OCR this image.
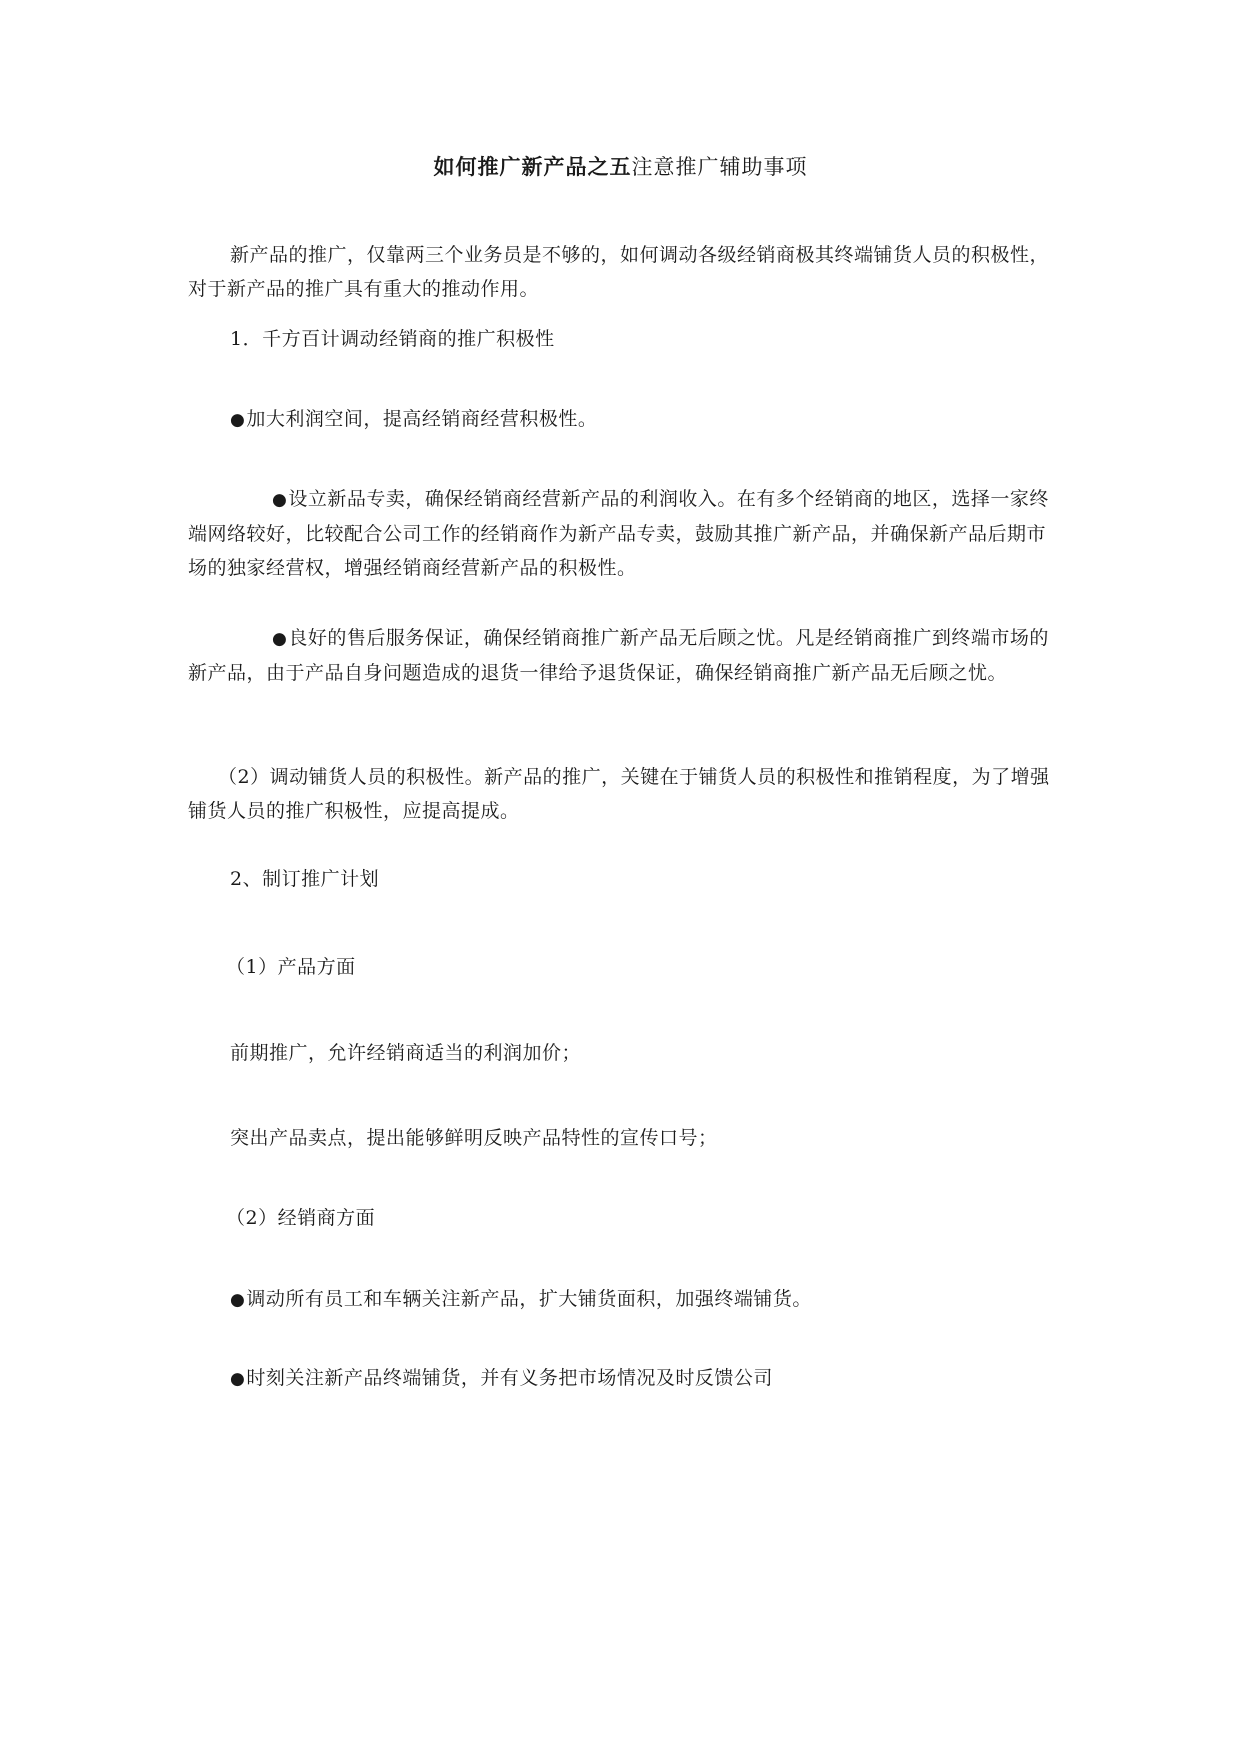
如何推广新产品之五注意推广辅助事项

新产品的推广，仅靠两三个业务员是不够的，如何调动各级经销商极其终端铺货人员的积极性，对于新产品的推广具有重大的推动作用。

1．千方百计调动经销商的推广积极性

●加大利润空间，提高经销商经营积极性。

●设立新品专卖，确保经销商经营新产品的利润收入。在有多个经销商的地区，选择一家终端网络较好，比较配合公司工作的经销商作为新产品专卖，鼓励其推广新产品，并确保新产品后期市场的独家经营权，增强经销商经营新产品的积极性。

●良好的售后服务保证，确保经销商推广新产品无后顾之忧。凡是经销商推广到终端市场的新产品，由于产品自身问题造成的退货一律给予退货保证，确保经销商推广新产品无后顾之忧。

（2）调动铺货人员的积极性。新产品的推广，关键在于铺货人员的积极性和推销程度，为了增强铺货人员的推广积极性，应提高提成。

2、制订推广计划

（1）产品方面

前期推广，允许经销商适当的利润加价；

突出产品卖点，提出能够鲜明反映产品特性的宣传口号；

（2）经销商方面

●调动所有员工和车辆关注新产品，扩大铺货面积，加强终端铺货。

●时刻关注新产品终端铺货，并有义务把市场情况及时反馈公司
